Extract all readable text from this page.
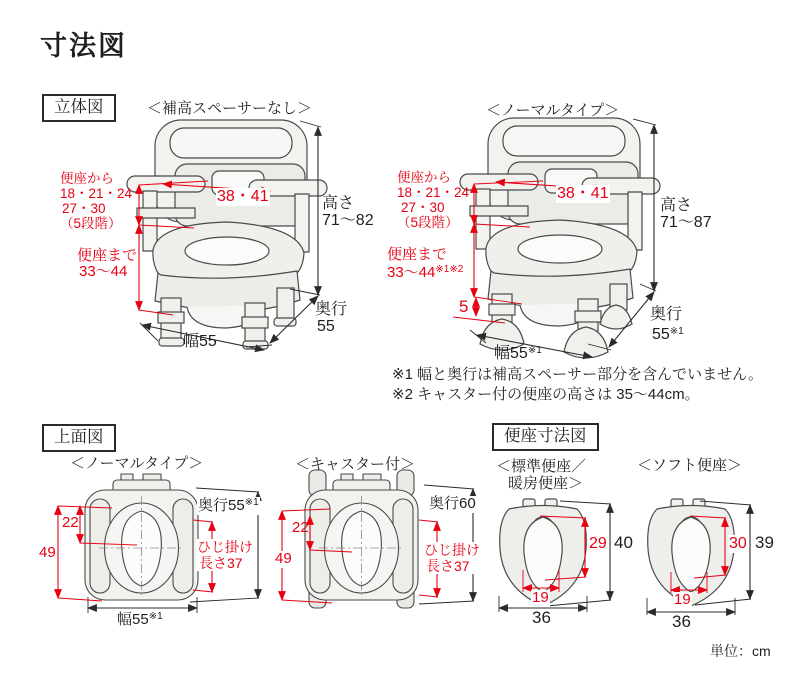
寸法図
立体図	＜補高スペーサーなし＞	＜ノーマルタイプ＞
便座から
18・21・24・
27・30
（5段階）
38・41
便座まで
33〜44
高さ
71〜82
奥行
55
幅55
便座から
18・21・24・
27・30
（5段階）
38・41
便座まで
33〜$44^{※1※2}$
5
高さ
71〜87
奥行
55$^{※1}$
幅55$^{※1}$
※1 幅と奥行は補高スペーサー部分を含んでいません。
※2 キャスター付の便座の高さは 35〜44cm。
上面図
＜ノーマルタイプ＞	＜キャスター付＞
22
49
奥行55$^{※1}$
ひじ掛け
長さ37
幅55$^{※1}$
22
49
奥行60
ひじ掛け
長さ37
便座寸法図
＜標準便座／
暖房便座＞
＜ソフト便座＞
29 40
19
36
30 39
19
36
単位：cm
